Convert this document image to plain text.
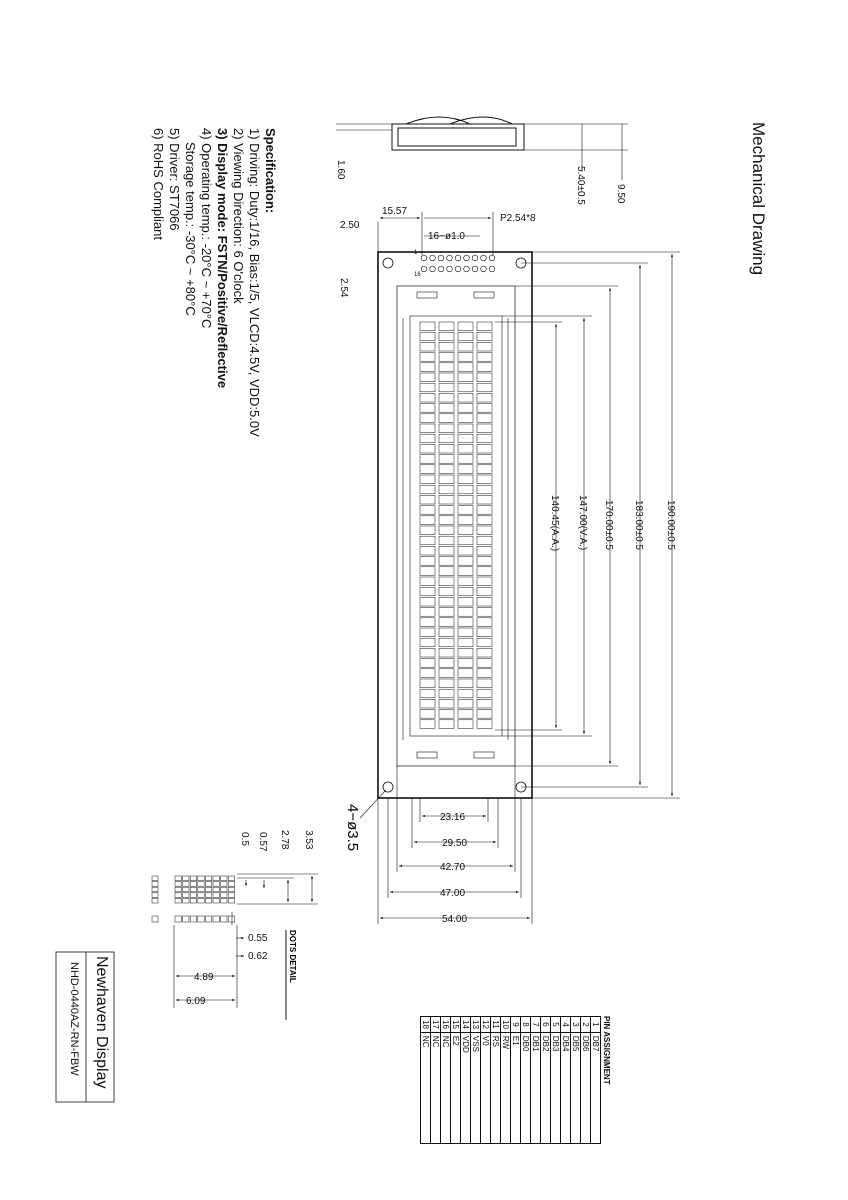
Mechanical Drawing
Specification:
1) Driving: Duty:1/16, Bias:1/5, VLCD:4.5V, VDD:5.0V
2) Viewing Direction: 6 O'clock
3) Display mode: FSTN/Positive/Reflective
4) Operating temp.: -20°C ~ +70°C
Storage temp.: -30°C ~ +80°C
5) Driver: ST7066
6) RoHS Compliant	1.60	5.40±0.5	9.50
15.57
P2.54*8
16−ø1.0
2.50
2.54
190.00±0.5
183.00±0.5
170.00±0.5
147.00(V.A.)
140.45(A.A.)
4−ø3.5	23.16
29.50
42.70
47.00
54.00
1
16
3.53
2.78
0.57
0.5
DOTS DETAIL
0.55
0.62
4.89
6.09
Newhaven Display
NHD-0440AZ-RN-FBW	PIN ASSIGNMENT
1	DB7
2	DB6
3	DB5
4	DB4
5	DB3
6	DB2
7	DB1
8	DB0
9	E1
10	RW
11	RS
12	V0
13	VSS
14	VDD
15	E2
16	NC
17	NC
18	NC
